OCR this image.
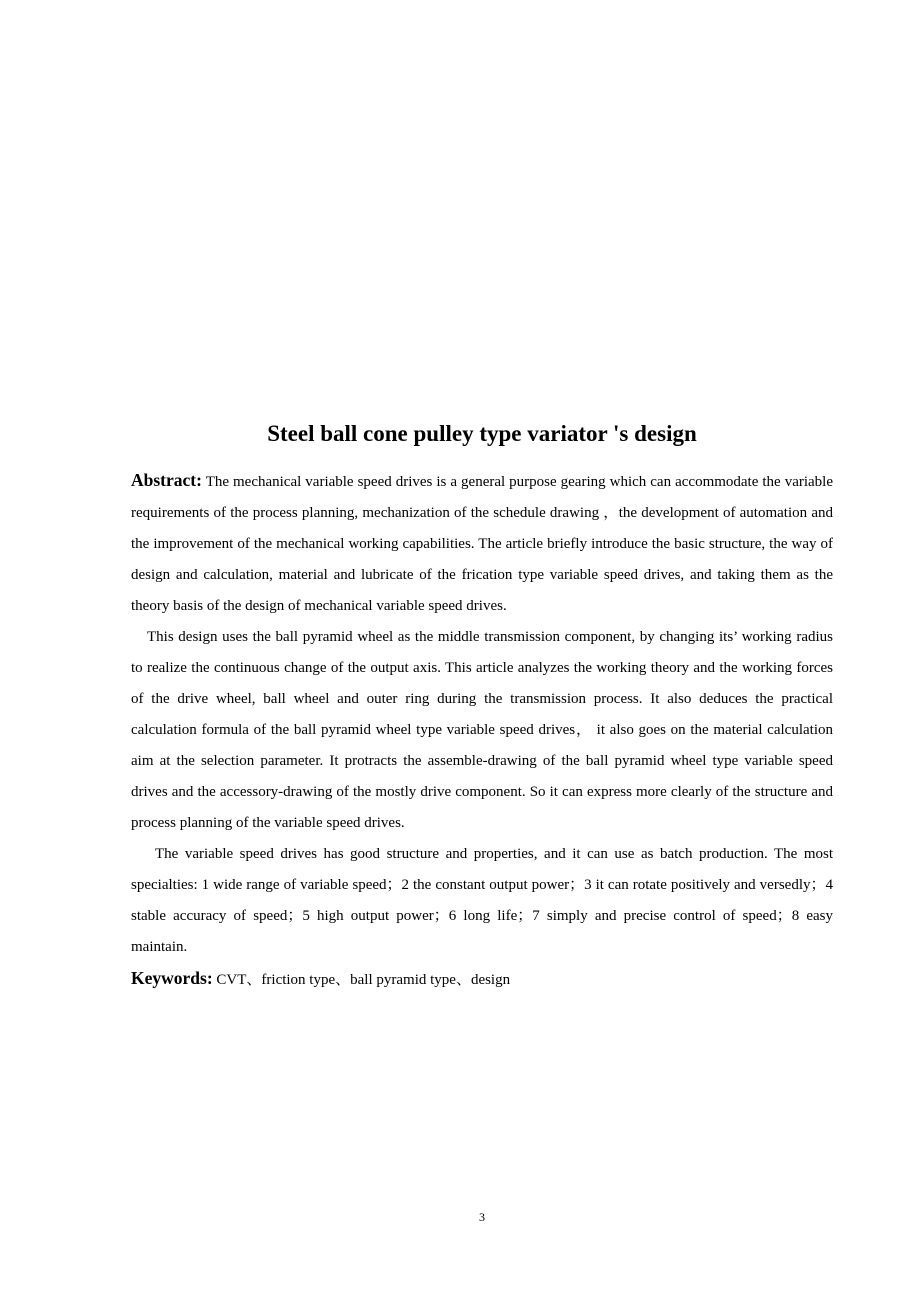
Steel ball cone pulley type variator 's design

Abstract: The mechanical variable speed drives is a general purpose gearing which can accommodate the variable requirements of the process planning, mechanization of the schedule drawing ，the development of automation and the improvement of the mechanical working capabilities. The article briefly introduce the basic structure, the way of design and calculation, material and lubricate of the frication type variable speed drives, and taking them as the theory basis of the design of mechanical variable speed drives.

This design uses the ball pyramid wheel as the middle transmission component, by changing its’ working radius to realize the continuous change of the output axis. This article analyzes the working theory and the working forces of the drive wheel, ball wheel and outer ring during the transmission process. It also deduces the practical calculation formula of the ball pyramid wheel type variable speed drives， it also goes on the material calculation aim at the selection parameter. It protracts the assemble-drawing of the ball pyramid wheel type variable speed drives and the accessory-drawing of the mostly drive component. So it can express more clearly of the structure and process planning of the variable speed drives.

The variable speed drives has good structure and properties, and it can use as batch production. The most specialties: 1 wide range of variable speed；2 the constant output power；3 it can rotate positively and versedly；4 stable accuracy of speed；5 high output power；6 long life；7 simply and precise control of speed；8 easy maintain.

Keywords: CVT、friction type、ball pyramid type、design

3
